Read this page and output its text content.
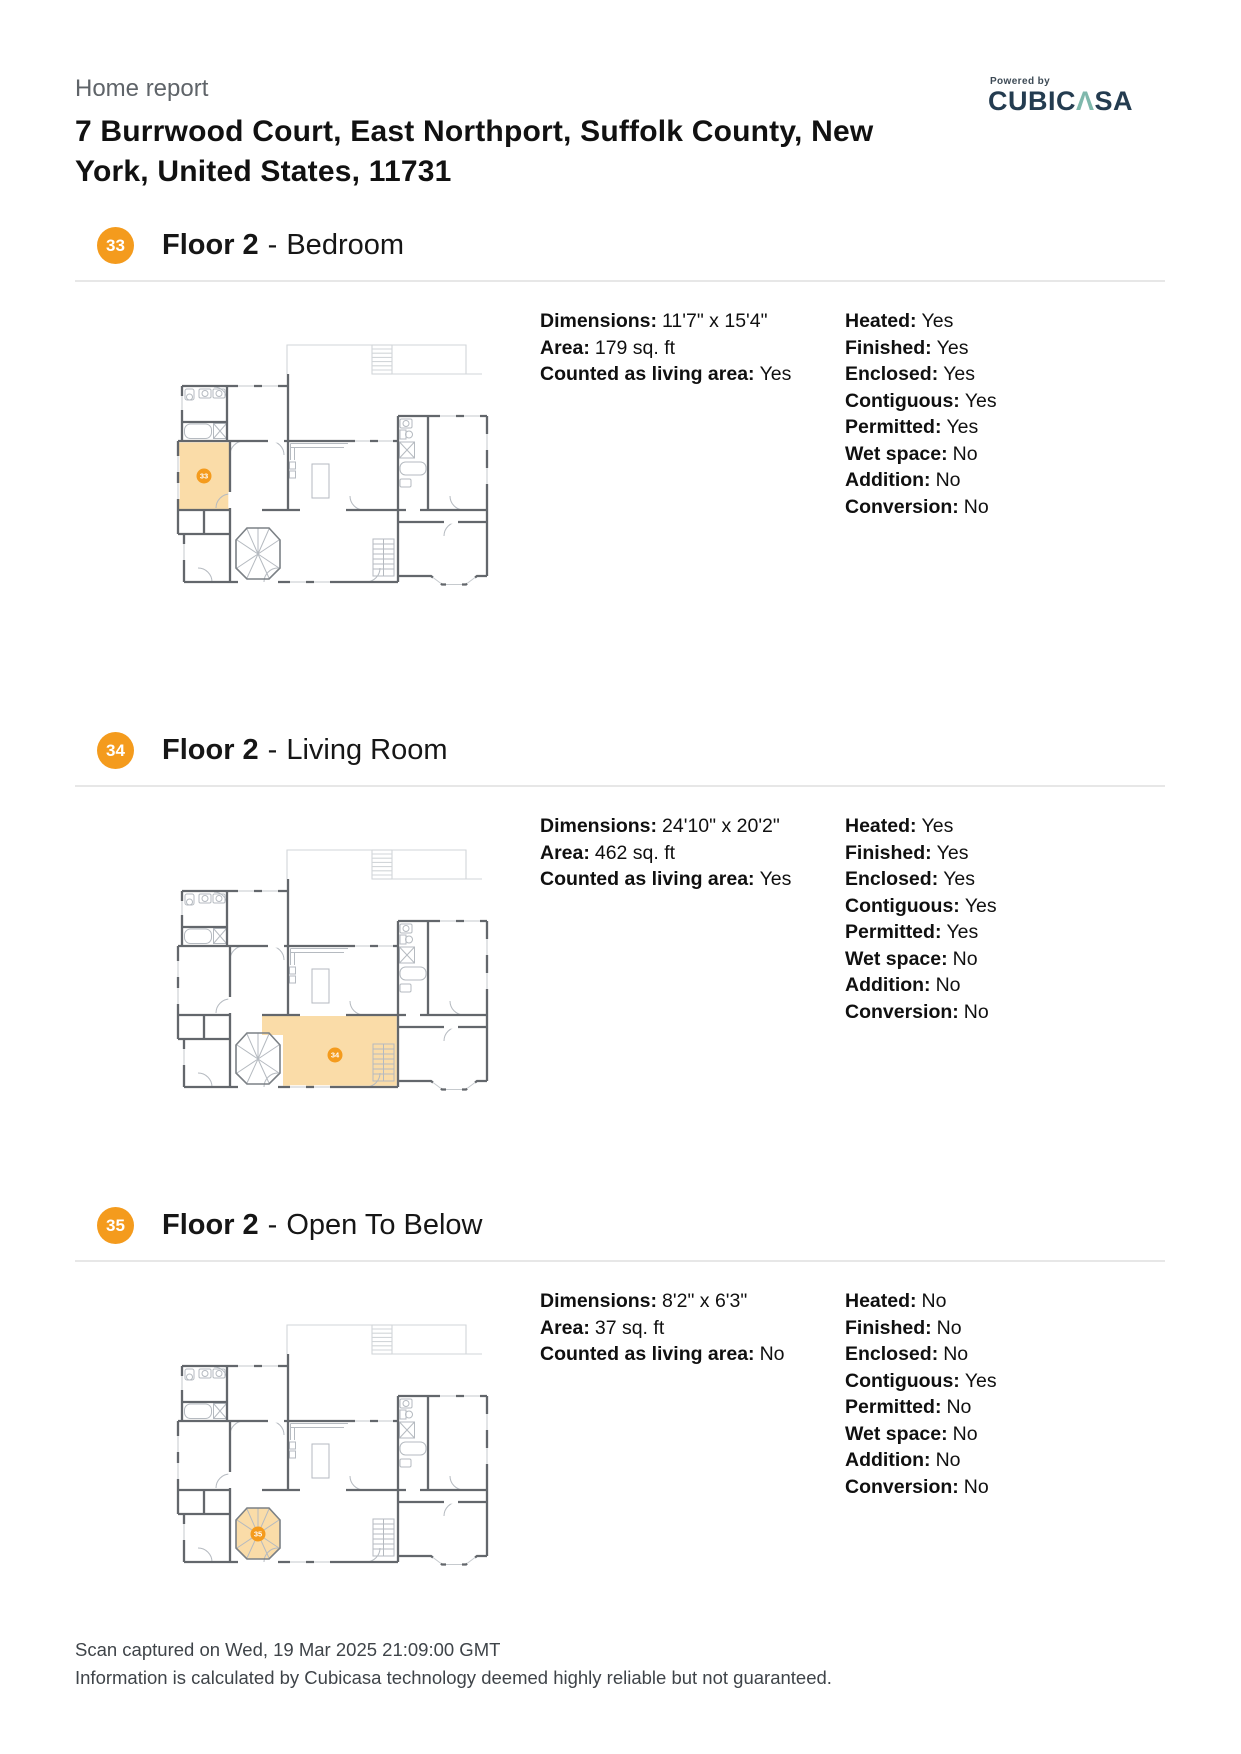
Home report	Powered by
CUBICΛSA
7 Burrwood Court, East Northport, Suffolk County, New York, United States, 11731
33	Floor 2 - Bedroom
33
Dimensions: 11'7" x 15'4"
Area: 179 sq. ft
Counted as living area: Yes
Heated: Yes
Finished: Yes
Enclosed: Yes
Contiguous: Yes
Permitted: Yes
Wet space: No
Addition: No
Conversion: No
34	Floor 2 - Living Room
34
Dimensions: 24'10" x 20'2"
Area: 462 sq. ft
Counted as living area: Yes
Heated: Yes
Finished: Yes
Enclosed: Yes
Contiguous: Yes
Permitted: Yes
Wet space: No
Addition: No
Conversion: No
35	Floor 2 - Open To Below
35
Dimensions: 8'2" x 6'3"
Area: 37 sq. ft
Counted as living area: No
Heated: No
Finished: No
Enclosed: No
Contiguous: Yes
Permitted: No
Wet space: No
Addition: No
Conversion: No
Scan captured on Wed, 19 Mar 2025 21:09:00 GMT
Information is calculated by Cubicasa technology deemed highly reliable but not guaranteed.
